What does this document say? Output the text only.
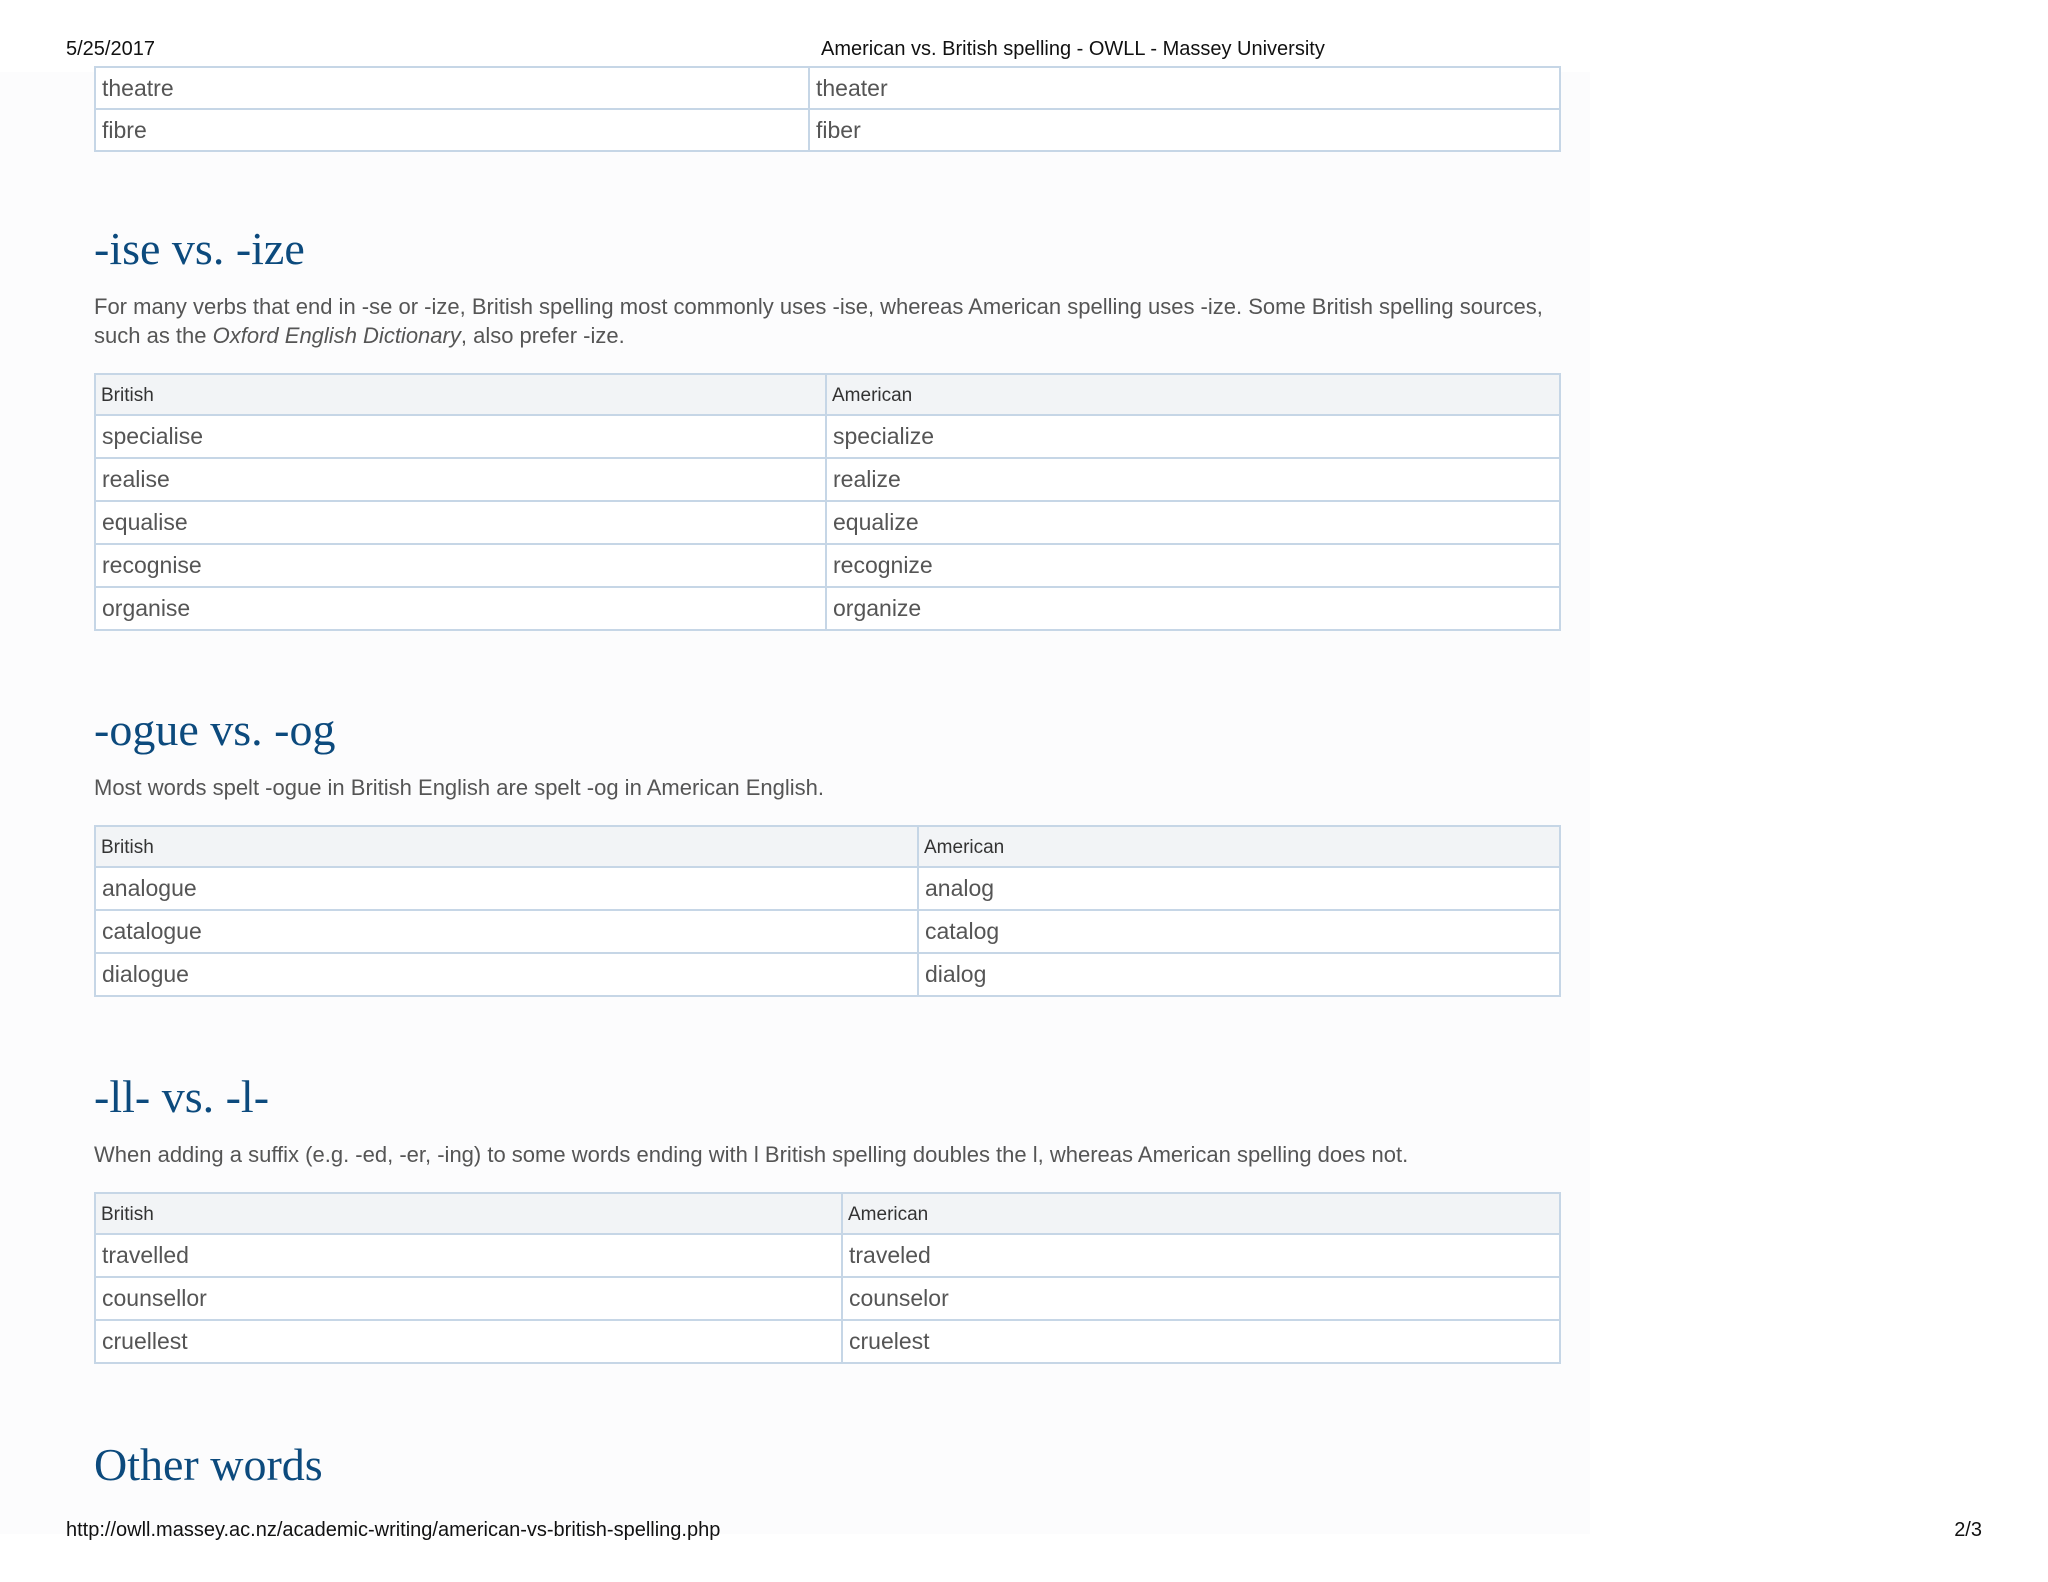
5/25/2017	American vs. British spelling - OWLL - Massey University
theatre	theater
fibre	fiber
-ise vs. -ize

For many verbs that end in -se or -ize, British spelling most commonly uses -ise, whereas American spelling uses -ize. Some British spelling sources, such as the Oxford English Dictionary, also prefer -ize.

British	American
specialise	specialize
realise	realize
equalise	equalize
recognise	recognize
organise	organize
-ogue vs. -og

Most words spelt -ogue in British English are spelt -og in American English.

British	American
analogue	analog
catalogue	catalog
dialogue	dialog
-ll- vs. -l-

When adding a suffix (e.g. -ed, -er, -ing) to some words ending with l British spelling doubles the l, whereas American spelling does not.

British	American
travelled	traveled
counsellor	counselor
cruellest	cruelest
Other words
http://owll.massey.ac.nz/academic-writing/american-vs-british-spelling.php	2/3
